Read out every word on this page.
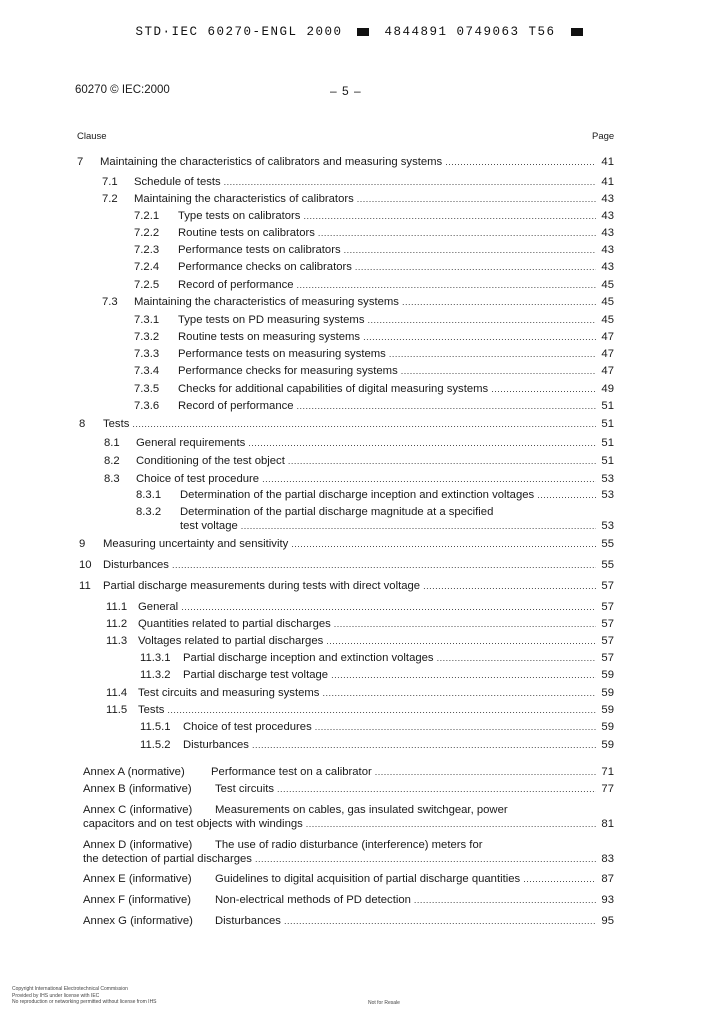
STD·IEC 60270-ENGL 2000	4844891 0749063 T56
60270 © IEC:2000	– 5 –
Clause	Page
7	Maintaining the characteristics of calibrators and measuring systems .....	41
7.1	Schedule of tests .....	41
7.2	Maintaining the characteristics of calibrators .....	43
7.2.1	Type tests on calibrators .....	43
7.2.2	Routine tests on calibrators .....	43
7.2.3	Performance tests on calibrators .....	43
7.2.4	Performance checks on calibrators .....	43
7.2.5	Record of performance .....	45
7.3	Maintaining the characteristics of measuring systems .....	45
7.3.1	Type tests on PD measuring systems .....	45
7.3.2	Routine tests on measuring systems .....	47
7.3.3	Performance tests on measuring systems .....	47
7.3.4	Performance checks for measuring systems .....	47
7.3.5	Checks for additional capabilities of digital measuring systems .....	49
7.3.6	Record of performance .....	51
8	Tests .....	51
8.1	General requirements .....	51
8.2	Conditioning of the test object .....	51
8.3	Choice of test procedure .....	53
8.3.1	Determination of the partial discharge inception and extinction voltages .....	53
8.3.2	Determination of the partial discharge magnitude at a specified
test voltage .....	53
9	Measuring uncertainty and sensitivity .....	55
10	Disturbances .....	55
11	Partial discharge measurements during tests with direct voltage .....	57
11.1 General .....	57
11.2 Quantities related to partial discharges .....	57
11.3 Voltages related to partial discharges .....	57
11.3.1	Partial discharge inception and extinction voltages .....	57
11.3.2	Partial discharge test voltage .....	59
11.4 Test circuits and measuring systems .....	59
11.5 Tests .....	59
11.5.1	Choice of test procedures .....	59
11.5.2	Disturbances .....	59
Annex A (normative)	Performance test on a calibrator .....	71
Annex B (informative)	Test circuits .....	77
Annex C (informative)	Measurements on cables, gas insulated switchgear, power
capacitors and on test objects with windings .....	81
Annex D (informative)	The use of radio disturbance (interference) meters for
the detection of partial discharges .....	83
Annex E (informative)	Guidelines to digital acquisition of partial discharge quantities .....	87
Annex F (informative)	Non-electrical methods of PD detection .....	93
Annex G (informative)	Disturbances .....	95
Copyright International Electrotechnical Commission
Provided by IHS under license with IEC
No reproduction or networking permitted without license from IHS	Not for Resale
